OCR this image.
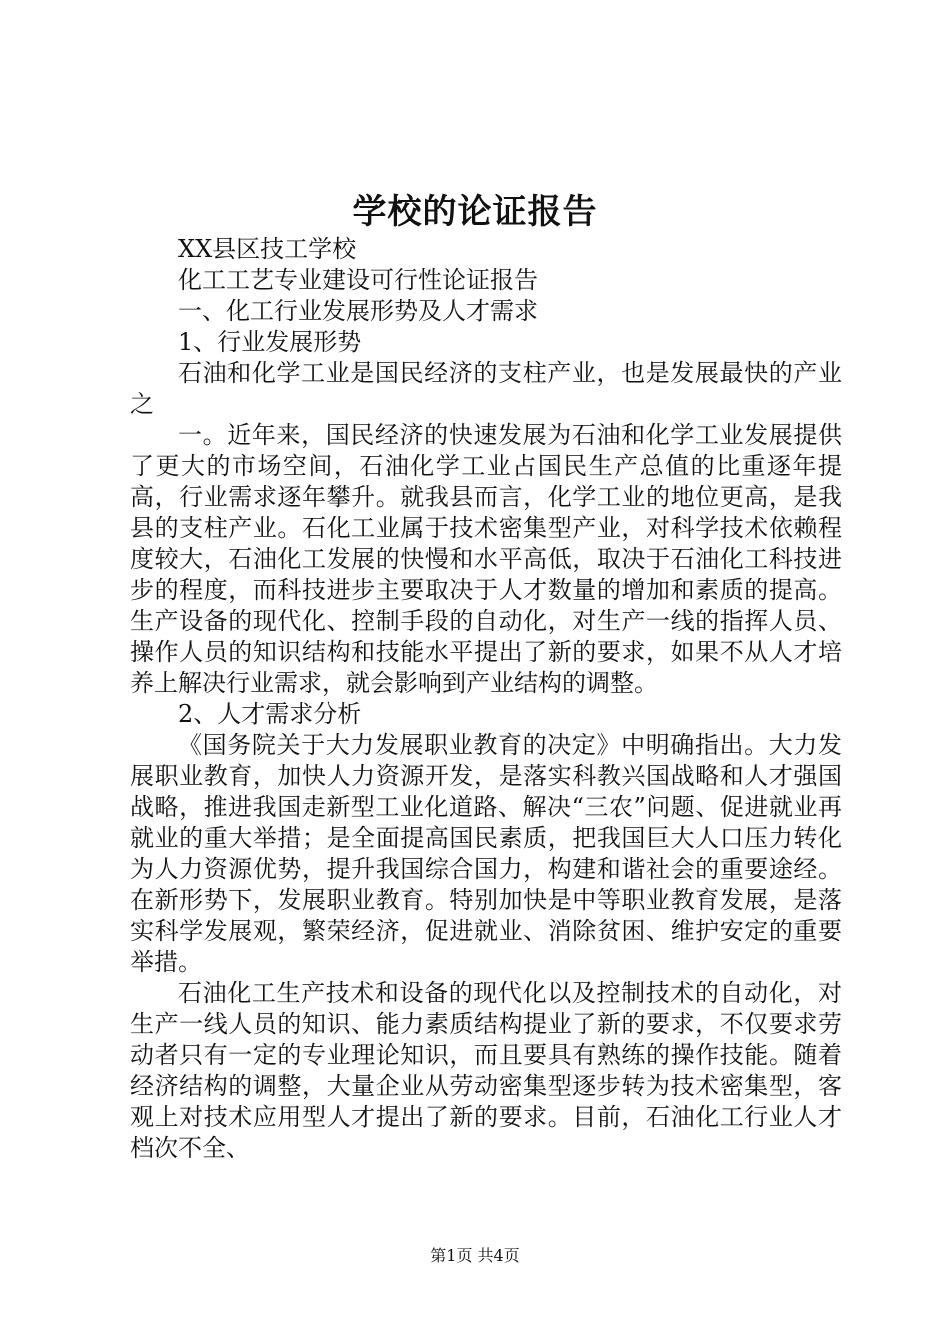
学校的论证报告

XX县区技工学校

化工工艺专业建设可行性论证报告

一、化工行业发展形势及人才需求

1、行业发展形势

石油和化学工业是国民经济的支柱产业，也是发展最快的产业之

一。近年来，国民经济的快速发展为石油和化学工业发展提供了更大的市场空间，石油化学工业占国民生产总值的比重逐年提高，行业需求逐年攀升。就我县而言，化学工业的地位更高，是我县的支柱产业。石化工业属于技术密集型产业，对科学技术依赖程度较大，石油化工发展的快慢和水平高低，取决于石油化工科技进步的程度，而科技进步主要取决于人才数量的增加和素质的提高。生产设备的现代化、控制手段的自动化，对生产一线的指挥人员、操作人员的知识结构和技能水平提出了新的要求，如果不从人才培养上解决行业需求，就会影响到产业结构的调整。

2、人才需求分析

《国务院关于大力发展职业教育的决定》中明确指出。大力发展职业教育，加快人力资源开发，是落实科教兴国战略和人才强国战略，推进我国走新型工业化道路、解决“三农”问题、促进就业再就业的重大举措；是全面提高国民素质，把我国巨大人口压力转化为人力资源优势，提升我国综合国力，构建和谐社会的重要途经。在新形势下，发展职业教育。特别加快是中等职业教育发展，是落实科学发展观，繁荣经济，促进就业、消除贫困、维护安定的重要举措。

石油化工生产技术和设备的现代化以及控制技术的自动化，对生产一线人员的知识、能力素质结构提业了新的要求，不仅要求劳动者只有一定的专业理论知识，而且要具有熟练的操作技能。随着经济结构的调整，大量企业从劳动密集型逐步转为技术密集型，客观上对技术应用型人才提出了新的要求。目前，石油化工行业人才档次不全、

第1页 共4页
